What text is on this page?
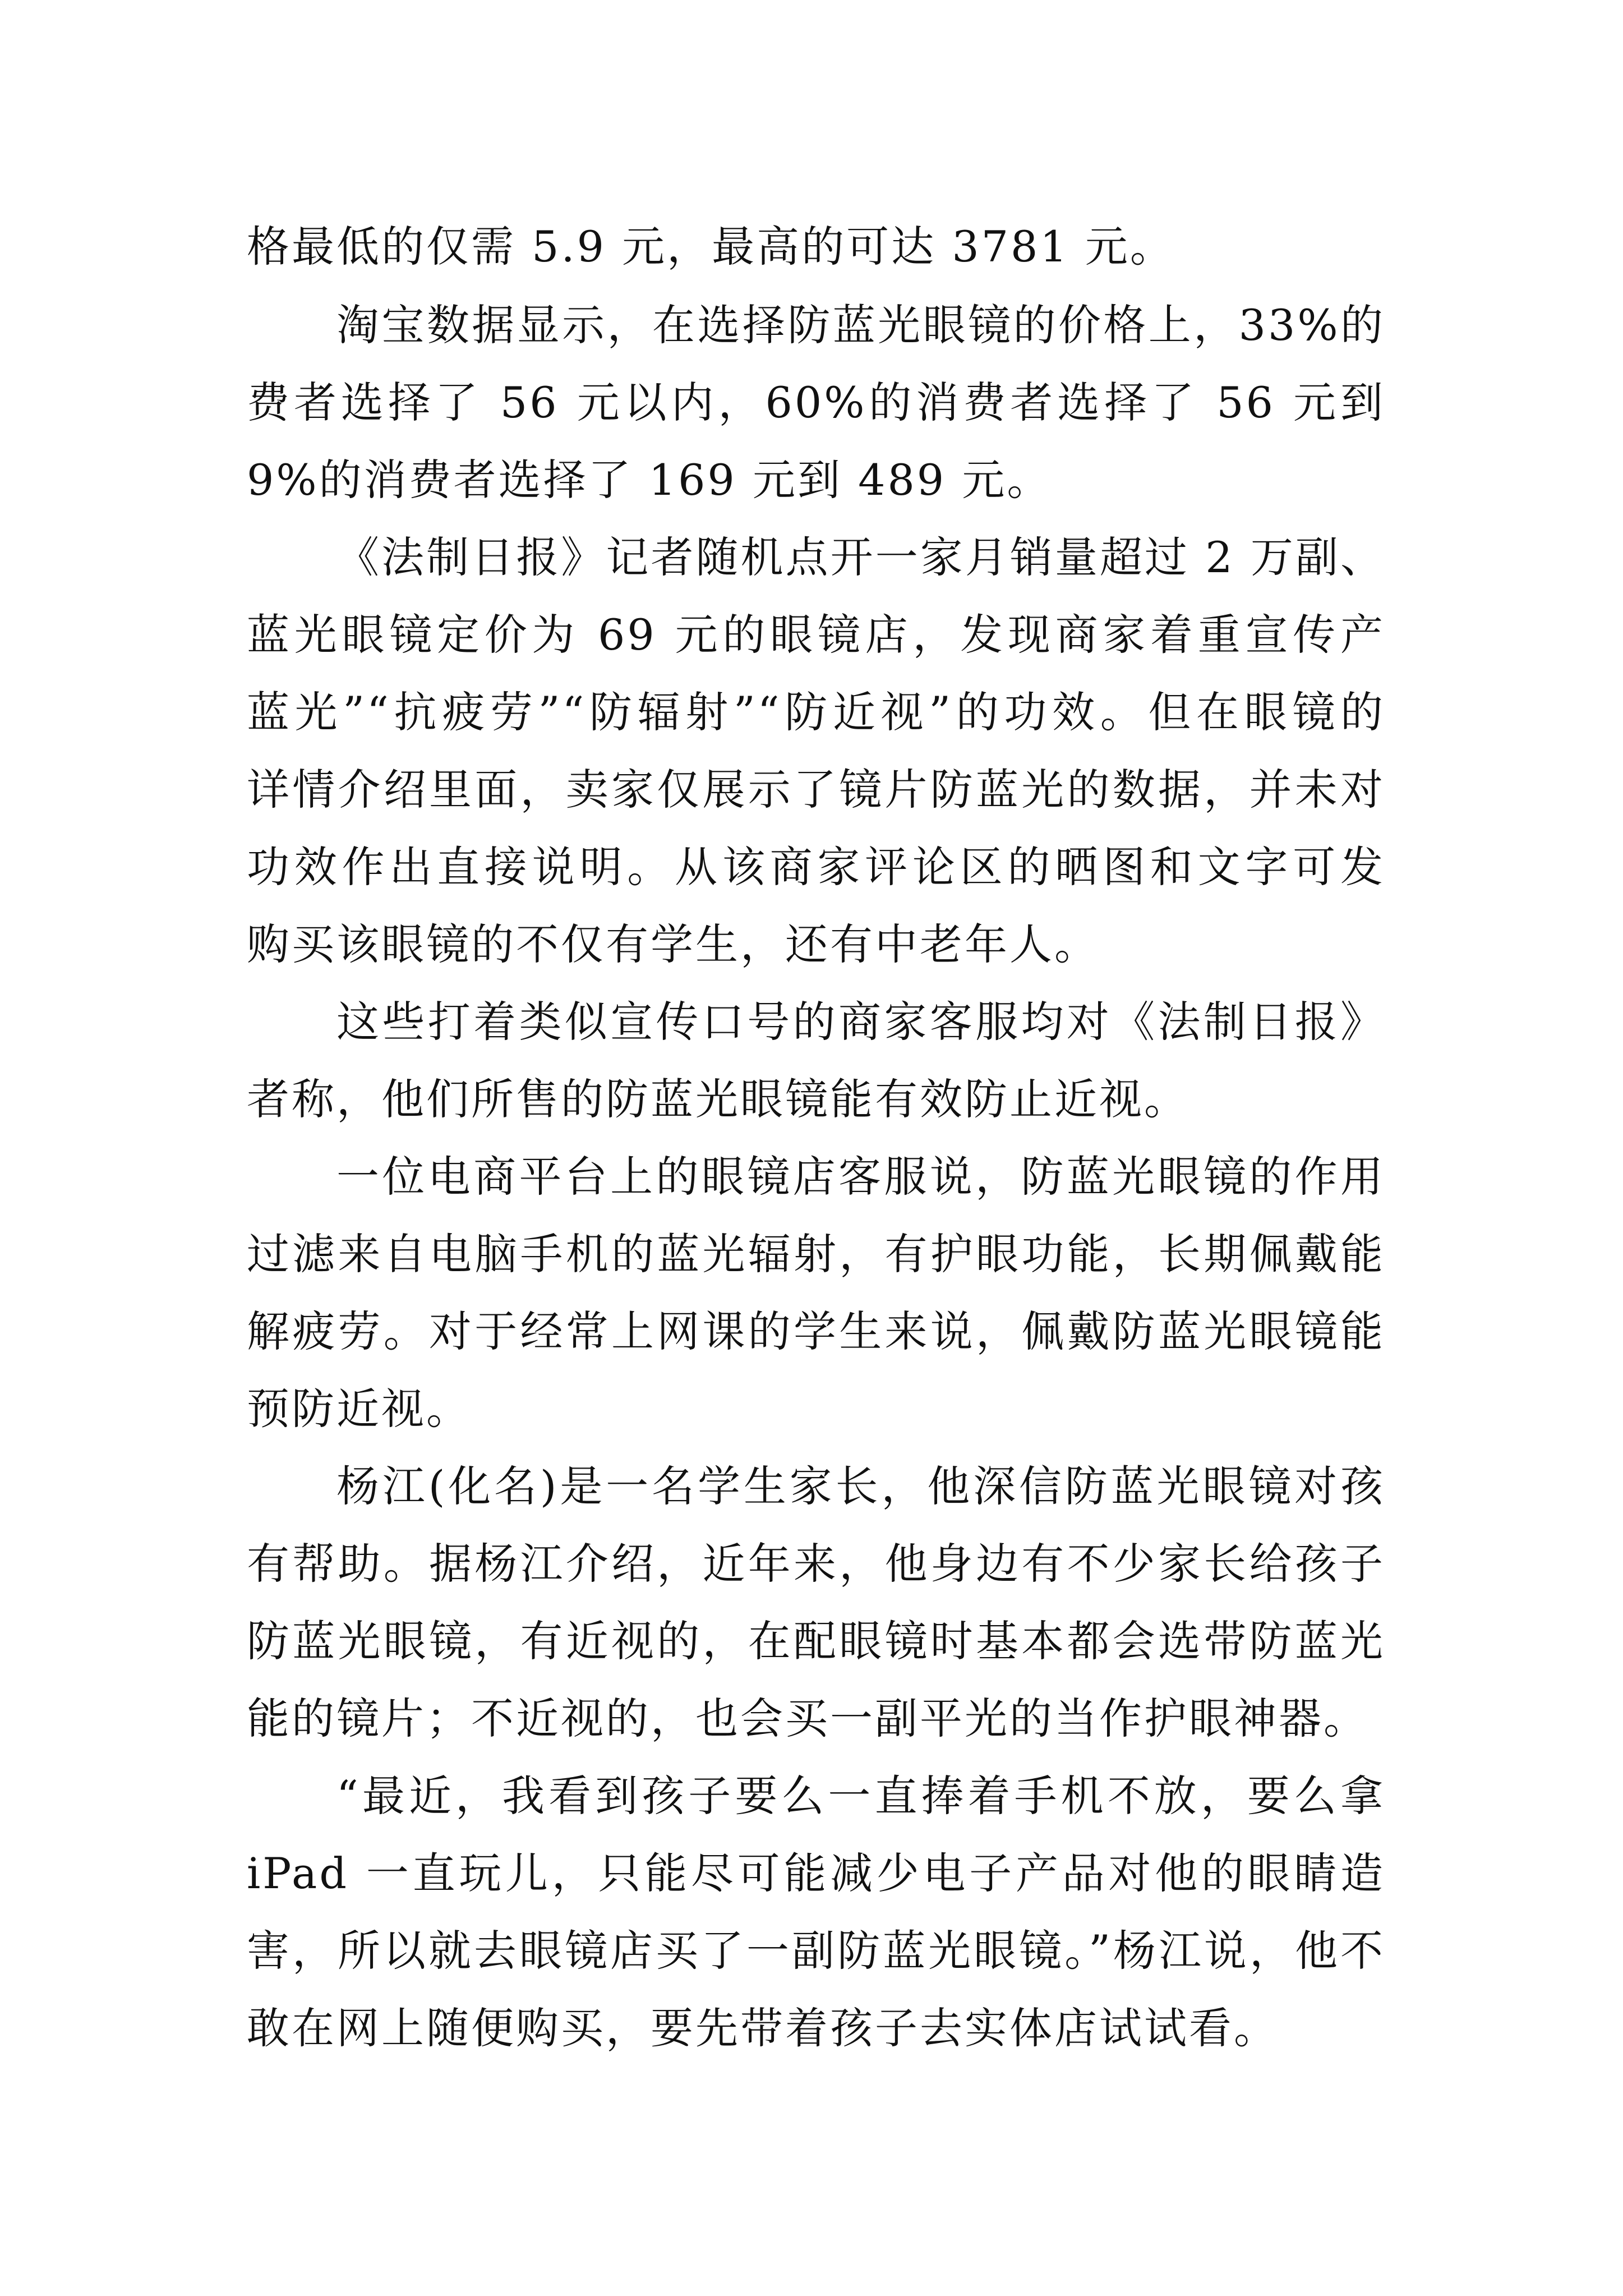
格最低的仅需 5.9 元，最高的可达 3781 元。
淘宝数据显示，在选择防蓝光眼镜的价格上，33%的
费者选择了 56 元以内，60%的消费者选择了 56 元到
9%的消费者选择了 169 元到 489 元。
《法制日报》记者随机点开一家月销量超过 2 万副、
蓝光眼镜定价为 69 元的眼镜店，发现商家着重宣传产
蓝光”“抗疲劳”“防辐射”“防近视”的功效。但在眼镜的
详情介绍里面，卖家仅展示了镜片防蓝光的数据，并未对
功效作出直接说明。从该商家评论区的晒图和文字可发
购买该眼镜的不仅有学生，还有中老年人。
这些打着类似宣传口号的商家客服均对《法制日报》
者称，他们所售的防蓝光眼镜能有效防止近视。
一位电商平台上的眼镜店客服说，防蓝光眼镜的作用
过滤来自电脑手机的蓝光辐射，有护眼功能，长期佩戴能
解疲劳。对于经常上网课的学生来说，佩戴防蓝光眼镜能
预防近视。
杨江(化名)是一名学生家长，他深信防蓝光眼镜对孩
有帮助。据杨江介绍，近年来，他身边有不少家长给孩子
防蓝光眼镜，有近视的，在配眼镜时基本都会选带防蓝光
能的镜片；不近视的，也会买一副平光的当作护眼神器。
“最近，我看到孩子要么一直捧着手机不放，要么拿
iPad 一直玩儿，只能尽可能减少电子产品对他的眼睛造
害，所以就去眼镜店买了一副防蓝光眼镜。”杨江说，他不
敢在网上随便购买，要先带着孩子去实体店试试看。
